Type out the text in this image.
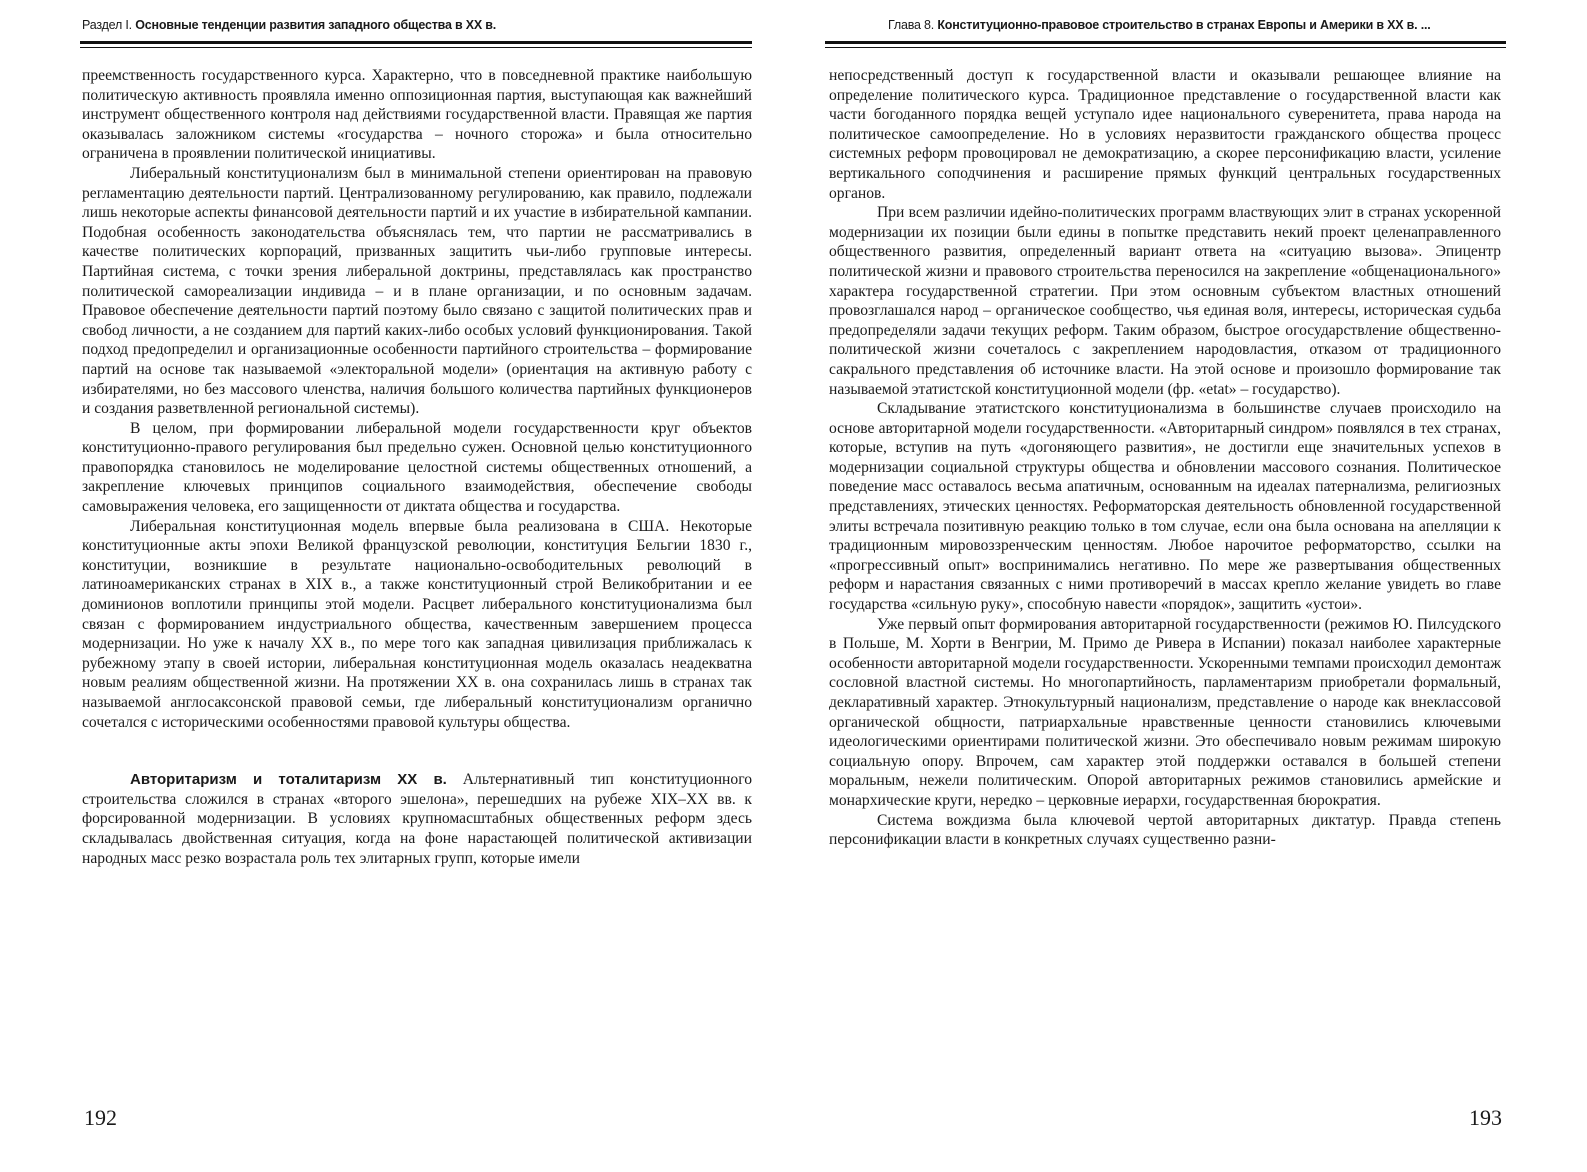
Раздел I. Основные тенденции развития западного общества в XX в.

преемственность государственного курса. Характерно, что в повседневной практике наибольшую политическую активность проявляла именно оппозиционная партия, выступающая как важнейший инструмент общественного контроля над действиями государственной власти. Правящая же партия оказывалась заложником системы «государства – ночного сторожа» и была относительно ограничена в проявлении политической инициативы.

Либеральный конституционализм был в минимальной степени ориентирован на правовую регламентацию деятельности партий. Централизованному регулированию, как правило, подлежали лишь некоторые аспекты финансовой деятельности партий и их участие в избирательной кампании. Подобная особенность законодательства объяснялась тем, что партии не рассматривались в качестве политических корпораций, призванных защитить чьи-либо групповые интересы. Партийная система, с точки зрения либеральной доктрины, представлялась как пространство политической самореализации индивида – и в плане организации, и по основным задачам. Правовое обеспечение деятельности партий поэтому было связано с защитой политических прав и свобод личности, а не созданием для партий каких-либо особых условий функционирования. Такой подход предопределил и организационные особенности партийного строительства – формирование партий на основе так называемой «электоральной модели» (ориентация на активную работу с избирателями, но без массового членства, наличия большого количества партийных функционеров и создания разветвленной региональной системы).

В целом, при формировании либеральной модели государственности круг объектов конституционно-правого регулирования был предельно сужен. Основной целью конституционного правопорядка становилось не моделирование целостной системы общественных отношений, а закрепление ключевых принципов социального взаимодействия, обеспечение свободы самовыражения человека, его защищенности от диктата общества и государства.

Либеральная конституционная модель впервые была реализована в США. Некоторые конституционные акты эпохи Великой французской революции, конституция Бельгии 1830 г., конституции, возникшие в результате национально-освободительных революций в латиноамериканских странах в XIX в., а также конституционный строй Великобритании и ее доминионов воплотили принципы этой модели. Расцвет либерального конституционализма был связан с формированием индустриального общества, качественным завершением процесса модернизации. Но уже к началу XX в., по мере того как западная цивилизация приближалась к рубежному этапу в своей истории, либеральная конституционная модель оказалась неадекватна новым реалиям общественной жизни. На протяжении XX в. она сохранилась лишь в странах так называемой англосаксонской правовой семьи, где либеральный конституционализм органично сочетался с историческими особенностями правовой культуры общества.

Авторитаризм и тоталитаризм XX в. Альтернативный тип конституционного строительства сложился в странах «второго эшелона», перешедших на рубеже XIX–XX вв. к форсированной модернизации. В условиях крупномасштабных общественных реформ здесь складывалась двойственная ситуация, когда на фоне нарастающей политической активизации народных масс резко возрастала роль тех элитарных групп, которые имели

192
Глава 8. Конституционно-правовое строительство в странах Европы и Америки в XX в. ...

непосредственный доступ к государственной власти и оказывали решающее влияние на определение политического курса. Традиционное представление о государственной власти как части богоданного порядка вещей уступало идее национального суверенитета, права народа на политическое самоопределение. Но в условиях неразвитости гражданского общества процесс системных реформ провоцировал не демократизацию, а скорее персонификацию власти, усиление вертикального соподчинения и расширение прямых функций центральных государственных органов.

При всем различии идейно-политических программ властвующих элит в странах ускоренной модернизации их позиции были едины в попытке представить некий проект целенаправленного общественного развития, определенный вариант ответа на «ситуацию вызова». Эпицентр политической жизни и правового строительства переносился на закрепление «общенационального» характера государственной стратегии. При этом основным субъектом властных отношений провозглашался народ – органическое сообщество, чья единая воля, интересы, историческая судьба предопределяли задачи текущих реформ. Таким образом, быстрое огосударствление общественно-политической жизни сочеталось с закреплением народовластия, отказом от традиционного сакрального представления об источнике власти. На этой основе и произошло формирование так называемой этатистской конституционной модели (фр. «etat» – государство).

Складывание этатистского конституционализма в большинстве случаев происходило на основе авторитарной модели государственности. «Авторитарный синдром» появлялся в тех странах, которые, вступив на путь «догоняющего развития», не достигли еще значительных успехов в модернизации социальной структуры общества и обновлении массового сознания. Политическое поведение масс оставалось весьма апатичным, основанным на идеалах патернализма, религиозных представлениях, этических ценностях. Реформаторская деятельность обновленной государственной элиты встречала позитивную реакцию только в том случае, если она была основана на апелляции к традиционным мировоззренческим ценностям. Любое нарочитое реформаторство, ссылки на «прогрессивный опыт» воспринимались негативно. По мере же развертывания общественных реформ и нарастания связанных с ними противоречий в массах крепло желание увидеть во главе государства «сильную руку», способную навести «порядок», защитить «устои».

Уже первый опыт формирования авторитарной государственности (режимов Ю. Пилсудского в Польше, М. Хорти в Венгрии, М. Примо де Ривера в Испании) показал наиболее характерные особенности авторитарной модели государственности. Ускоренными темпами происходил демонтаж сословной властной системы. Но многопартийность, парламентаризм приобретали формальный, декларативный характер. Этнокультурный национализм, представление о народе как внеклассовой органической общности, патриархальные нравственные ценности становились ключевыми идеологическими ориентирами политической жизни. Это обеспечивало новым режимам широкую социальную опору. Впрочем, сам характер этой поддержки оставался в большей степени моральным, нежели политическим. Опорой авторитарных режимов становились армейские и монархические круги, нередко – церковные иерархи, государственная бюрократия.

Система вождизма была ключевой чертой авторитарных диктатур. Правда степень персонификации власти в конкретных случаях существенно разни-

193
